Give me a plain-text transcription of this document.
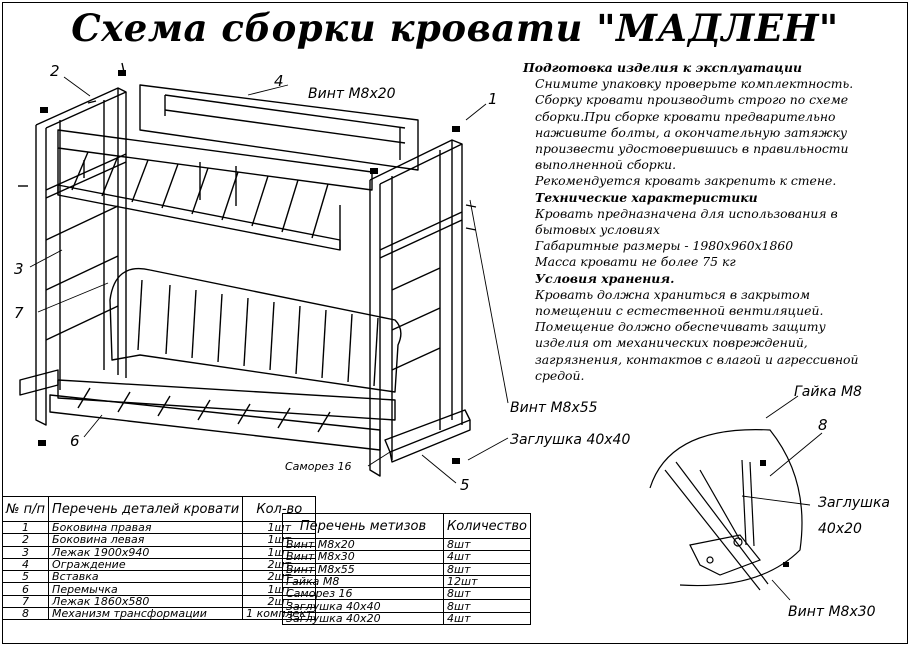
Схема сборки кровати "МАДЛЕН"
Подготовка изделия к эксплуатации

Снимите упаковку проверьте комплектность.

Сборку кровати производить строго по схеме

сборки.При сборке кровати предварительно

наживите болты, а окончательную затяжку

произвести удостоверившись в правильности

выполненной сборки.

Рекомендуется кровать закрепить к стене.

Технические характеристики

Кровать предназначена для использования в

бытовых условиях

Габаритные размеры - 1980х960х1860

Масса кровати не более 75 кг

Условия хранения.

Кровать должна храниться в закрытом

помещении с естественной вентиляцией.

Помещение должно обеспечивать защиту

изделия от механических повреждений,

загрязнения, контактов с влагой и агрессивной

средой.

2
4
1
3
7
6
5
8
Винт М8х20
Винт М8х55
Заглушка 40х40
Саморез 16
Гайка М8
Заглушка
40х20
Винт М8х30
№ п/п	Перечень деталей кровати	Кол-во
1	Боковина правая	1шт
2	Боковина левая	1шт
3	Лежак 1900х940	1шт
4	Ограждение	2шт
5	Вставка	2шт
6	Перемычка	1шт
7	Лежак 1860х580	2шт
8	Механизм трансформации	1 комплект
Перечень метизов	Количество
Винт М8х20	8шт
Винт М8х30	4шт
Винт М8х55	8шт
Гайка М8	12шт
Саморез 16	8шт
Заглушка 40х40	8шт
Заглушка 40х20	4шт
